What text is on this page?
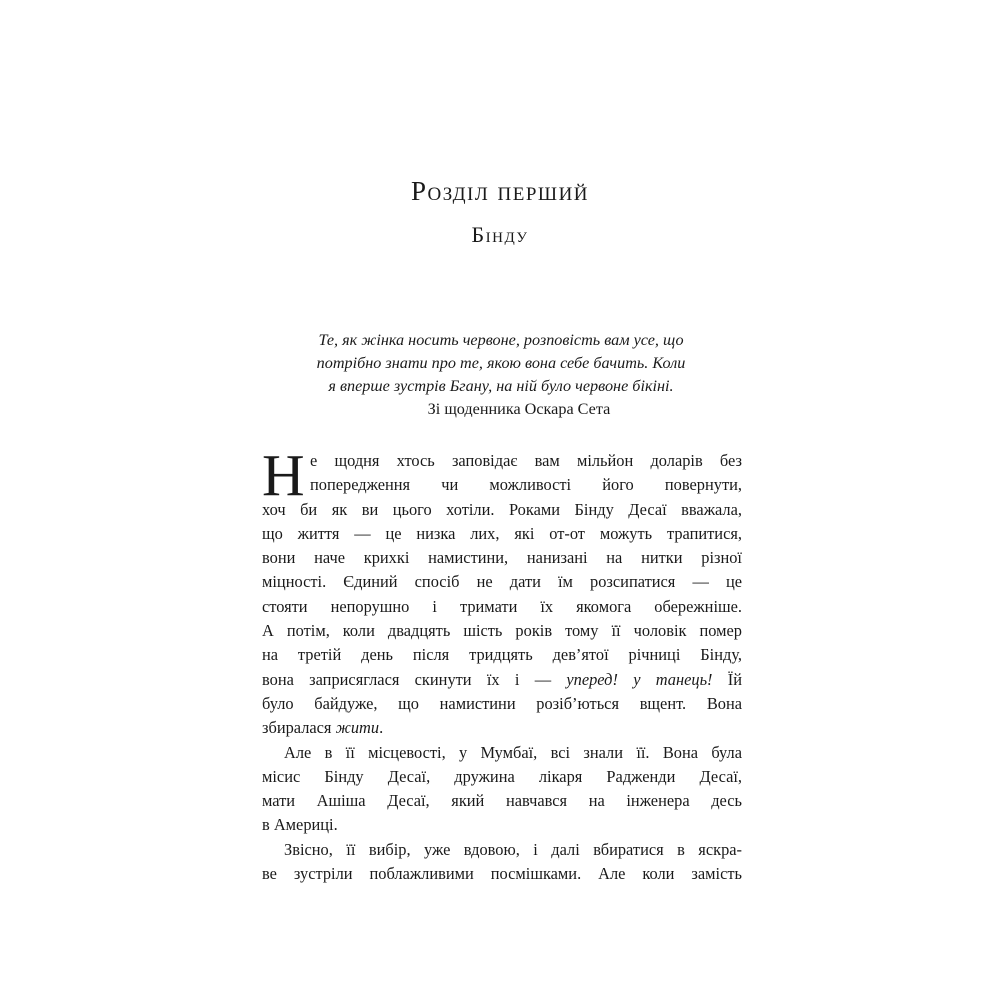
Розділ перший
Бінду
Те, як жінка носить червоне, розповість вам усе, що
потрібно знати про те, якою вона себе бачить. Коли
я вперше зустрів Бгану, на ній було червоне бікіні.
Зі щоденника Оскара Сета
Н е щодня хтось заповідає вам мільйон доларів без
попередження чи можливості його повернути,
хоч би як ви цього хотіли. Роками Бінду Десаї вважала,
що життя — це низка лих, які от-от можуть трапитися,
вони наче крихкі намистини, нанизані на нитки різної
міцності. Єдиний спосіб не дати їм розсипатися — це
стояти непорушно і тримати їх якомога обережніше.
А потім, коли двадцять шість років тому її чоловік помер
на третій день після тридцять дев’ятої річниці Бінду,
вона заприсяглася скинути їх і — уперед! у танець! Їй
було байдуже, що намистини розіб’ються вщент. Вона
збиралася жити.
Але в її місцевості, у Мумбаї, всі знали її. Вона була
місис Бінду Десаї, дружина лікаря Радженди Десаї,
мати Ашіша Десаї, який навчався на інженера десь
в Америці.
Звісно, її вибір, уже вдовою, і далі вбиратися в яскра-
ве зустріли поблажливими посмішками. Але коли замість
